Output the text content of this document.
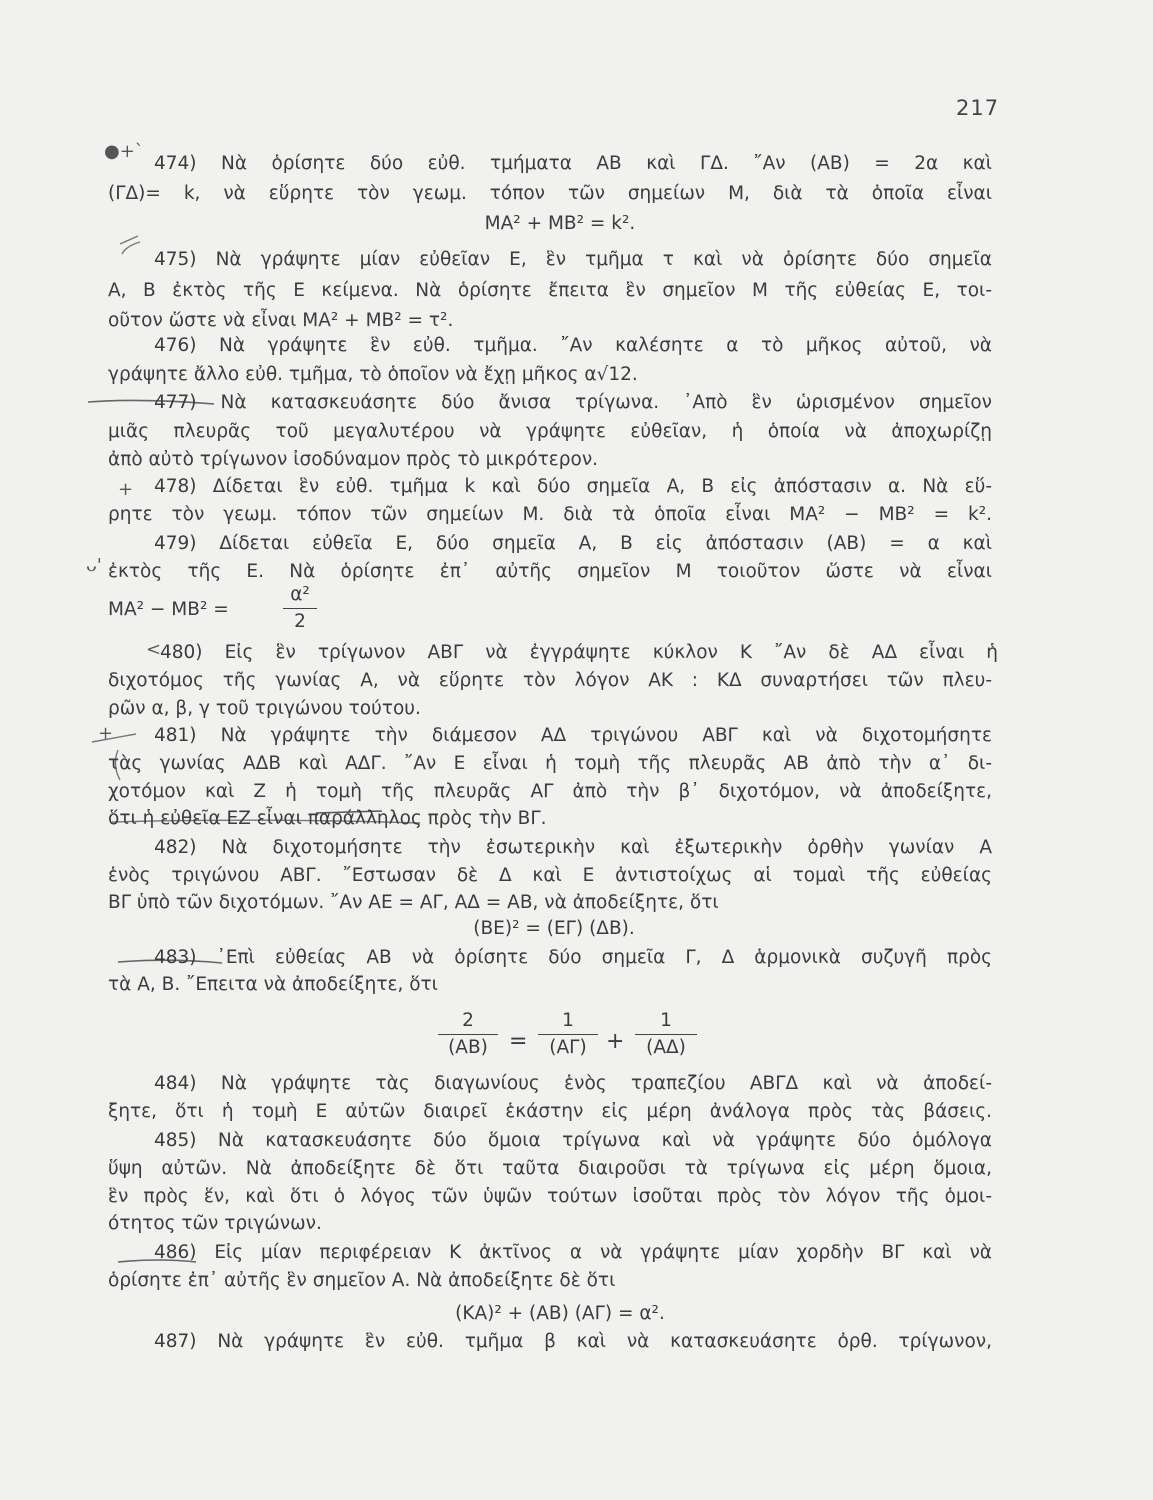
217
●+`
+
ᴗ'
<
+
474) Νὰ ὁρίσητε δύο εὐθ. τμήματα ΑΒ καὶ ΓΔ. ῎Αν (ΑΒ) = 2α καὶ
(ΓΔ)= k, νὰ εὕρητε τὸν γεωμ. τόπον τῶν σημείων Μ, διὰ τὰ ὁποῖα εἶναι
ΜΑ² + ΜΒ² = k².
475) Νὰ γράψητε μίαν εὐθεῖαν Ε, ἓν τμῆμα τ καὶ νὰ ὁρίσητε δύο σημεῖα
Α, Β ἐκτὸς τῆς Ε κείμενα. Νὰ ὁρίσητε ἔπειτα ἓν σημεῖον Μ τῆς εὐθείας Ε, τοι-
οῦτον ὥστε νὰ εἶναι ΜΑ² + ΜΒ² = τ².
476) Νὰ γράψητε ἓν εὐθ. τμῆμα. ῎Αν καλέσητε α τὸ μῆκος αὐτοῦ, νὰ
γράψητε ἄλλο εὐθ. τμῆμα, τὸ ὁποῖον νὰ ἔχῃ μῆκος α√12.
477) Νὰ κατασκευάσητε δύο ἄνισα τρίγωνα. ᾽Απὸ ἓν ὡρισμένον σημεῖον
μιᾶς πλευρᾶς τοῦ μεγαλυτέρου νὰ γράψητε εὐθεῖαν, ἡ ὁποία νὰ ἀποχωρίζῃ
ἀπὸ αὐτὸ τρίγωνον ἰσοδύναμον πρὸς τὸ μικρότερον.
478) Δίδεται ἓν εὐθ. τμῆμα k καὶ δύο σημεῖα Α, Β εἰς ἀπόστασιν α. Νὰ εὕ-
ρητε τὸν γεωμ. τόπον τῶν σημείων Μ. διὰ τὰ ὁποῖα εἶναι ΜΑ² − ΜΒ² = k².
479) Δίδεται εὐθεῖα Ε, δύο σημεῖα Α, Β εἰς ἀπόστασιν (ΑΒ) = α καὶ
ἐκτὸς τῆς Ε. Νὰ ὁρίσητε ἐπ᾽ αὐτῆς σημεῖον Μ τοιοῦτον ὥστε νὰ εἶναι
ΜΑ² − ΜΒ² =
α²
2
480) Εἰς ἓν τρίγωνον ΑΒΓ νὰ ἐγγράψητε κύκλον Κ ῎Αν δὲ ΑΔ εἶναι ἡ
διχοτόμος τῆς γωνίας Α, νὰ εὕρητε τὸν λόγον ΑΚ : ΚΔ συναρτήσει τῶν πλευ-
ρῶν α, β, γ τοῦ τριγώνου τούτου.
481) Νὰ γράψητε τὴν διάμεσον ΑΔ τριγώνου ΑΒΓ καὶ νὰ διχοτομήσητε
τὰς γωνίας ΑΔΒ καὶ ΑΔΓ. ῎Αν Ε εἶναι ἡ τομὴ τῆς πλευρᾶς ΑΒ ἀπὸ τὴν α᾽ δι-
χοτόμον καὶ Ζ ἡ τομὴ τῆς πλευρᾶς ΑΓ ἀπὸ τὴν β᾽ διχοτόμον, νὰ ἀποδείξητε,
ὅτι ἡ εὐθεῖα ΕΖ εἶναι παράλληλος πρὸς τὴν ΒΓ.
482) Νὰ διχοτομήσητε τὴν ἐσωτερικὴν καὶ ἐξωτερικὴν ὀρθὴν γωνίαν Α
ἑνὸς τριγώνου ΑΒΓ. ῎Εστωσαν δὲ Δ καὶ Ε ἀντιστοίχως αἱ τομαὶ τῆς εὐθείας
ΒΓ ὑπὸ τῶν διχοτόμων. ῎Αν ΑΕ = ΑΓ, ΑΔ = ΑΒ, νὰ ἀποδείξητε, ὅτι
(ΒΕ)² = (ΕΓ) (ΔΒ).
483) ᾽Επὶ εὐθείας ΑΒ νὰ ὁρίσητε δύο σημεῖα Γ, Δ ἁρμονικὰ συζυγῆ πρὸς
τὰ Α, Β. ῎Επειτα νὰ ἀποδείξητε, ὅτι
2
(ΑΒ) =
1
(ΑΓ) +
1
(ΑΔ)
484) Νὰ γράψητε τὰς διαγωνίους ἑνὸς τραπεζίου ΑΒΓΔ καὶ νὰ ἀποδεί-
ξητε, ὅτι ἡ τομὴ Ε αὐτῶν διαιρεῖ ἑκάστην εἰς μέρη ἀνάλογα πρὸς τὰς βάσεις.
485) Νὰ κατασκευάσητε δύο ὅμοια τρίγωνα καὶ νὰ γράψητε δύο ὁμόλογα
ὕψη αὐτῶν. Νὰ ἀποδείξητε δὲ ὅτι ταῦτα διαιροῦσι τὰ τρίγωνα εἰς μέρη ὅμοια,
ἓν πρὸς ἕν, καὶ ὅτι ὁ λόγος τῶν ὑψῶν τούτων ἰσοῦται πρὸς τὸν λόγον τῆς ὁμοι-
ότητος τῶν τριγώνων.
486) Εἰς μίαν περιφέρειαν Κ ἀκτῖνος α νὰ γράψητε μίαν χορδὴν ΒΓ καὶ νὰ
ὁρίσητε ἐπ᾽ αὐτῆς ἓν σημεῖον Α. Νὰ ἀποδείξητε δὲ ὅτι
(ΚΑ)² + (ΑΒ) (ΑΓ) = α².
487) Νὰ γράψητε ἓν εὐθ. τμῆμα β καὶ νὰ κατασκευάσητε ὀρθ. τρίγωνον,
